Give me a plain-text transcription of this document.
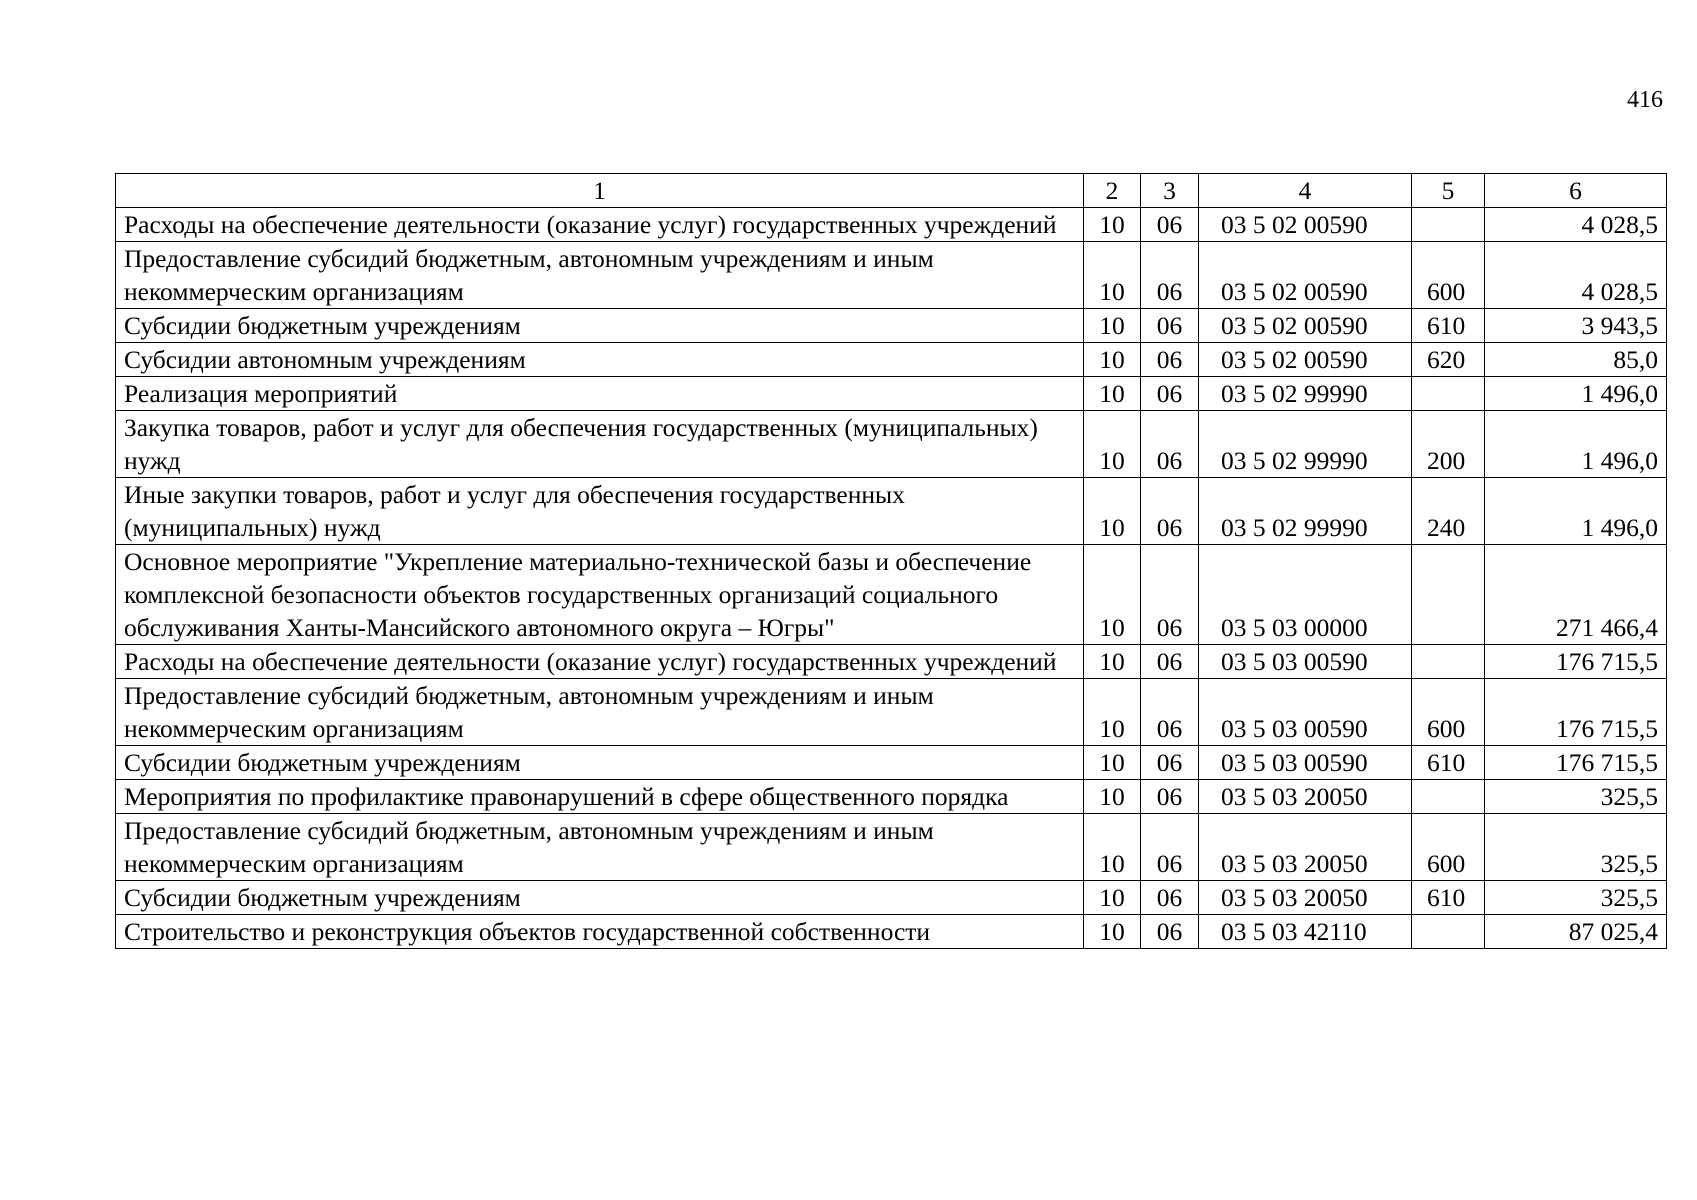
416
1	2	3	4	5	6
Расходы на обеспечение деятельности (оказание услуг) государственных учреждений	10	06	03 5 02 00590		4 028,5
Предоставление субсидий бюджетным, автономным учреждениям и иным некоммерческим организациям	10	06	03 5 02 00590	600	4 028,5
Субсидии бюджетным учреждениям	10	06	03 5 02 00590	610	3 943,5
Субсидии автономным учреждениям	10	06	03 5 02 00590	620	85,0
Реализация мероприятий	10	06	03 5 02 99990		1 496,0
Закупка товаров, работ и услуг для обеспечения государственных (муниципальных) нужд	10	06	03 5 02 99990	200	1 496,0
Иные закупки товаров, работ и услуг для обеспечения государственных (муниципальных) нужд	10	06	03 5 02 99990	240	1 496,0
Основное мероприятие "Укрепление материально-технической базы и обеспечение комплексной безопасности объектов государственных организаций социального обслуживания Ханты-Мансийского автономного округа – Югры"	10	06	03 5 03 00000		271 466,4
Расходы на обеспечение деятельности (оказание услуг) государственных учреждений	10	06	03 5 03 00590		176 715,5
Предоставление субсидий бюджетным, автономным учреждениям и иным некоммерческим организациям	10	06	03 5 03 00590	600	176 715,5
Субсидии бюджетным учреждениям	10	06	03 5 03 00590	610	176 715,5
Мероприятия по профилактике правонарушений в сфере общественного порядка	10	06	03 5 03 20050		325,5
Предоставление субсидий бюджетным, автономным учреждениям и иным некоммерческим организациям	10	06	03 5 03 20050	600	325,5
Субсидии бюджетным учреждениям	10	06	03 5 03 20050	610	325,5
Строительство и реконструкция объектов государственной собственности	10	06	03 5 03 42110		87 025,4
